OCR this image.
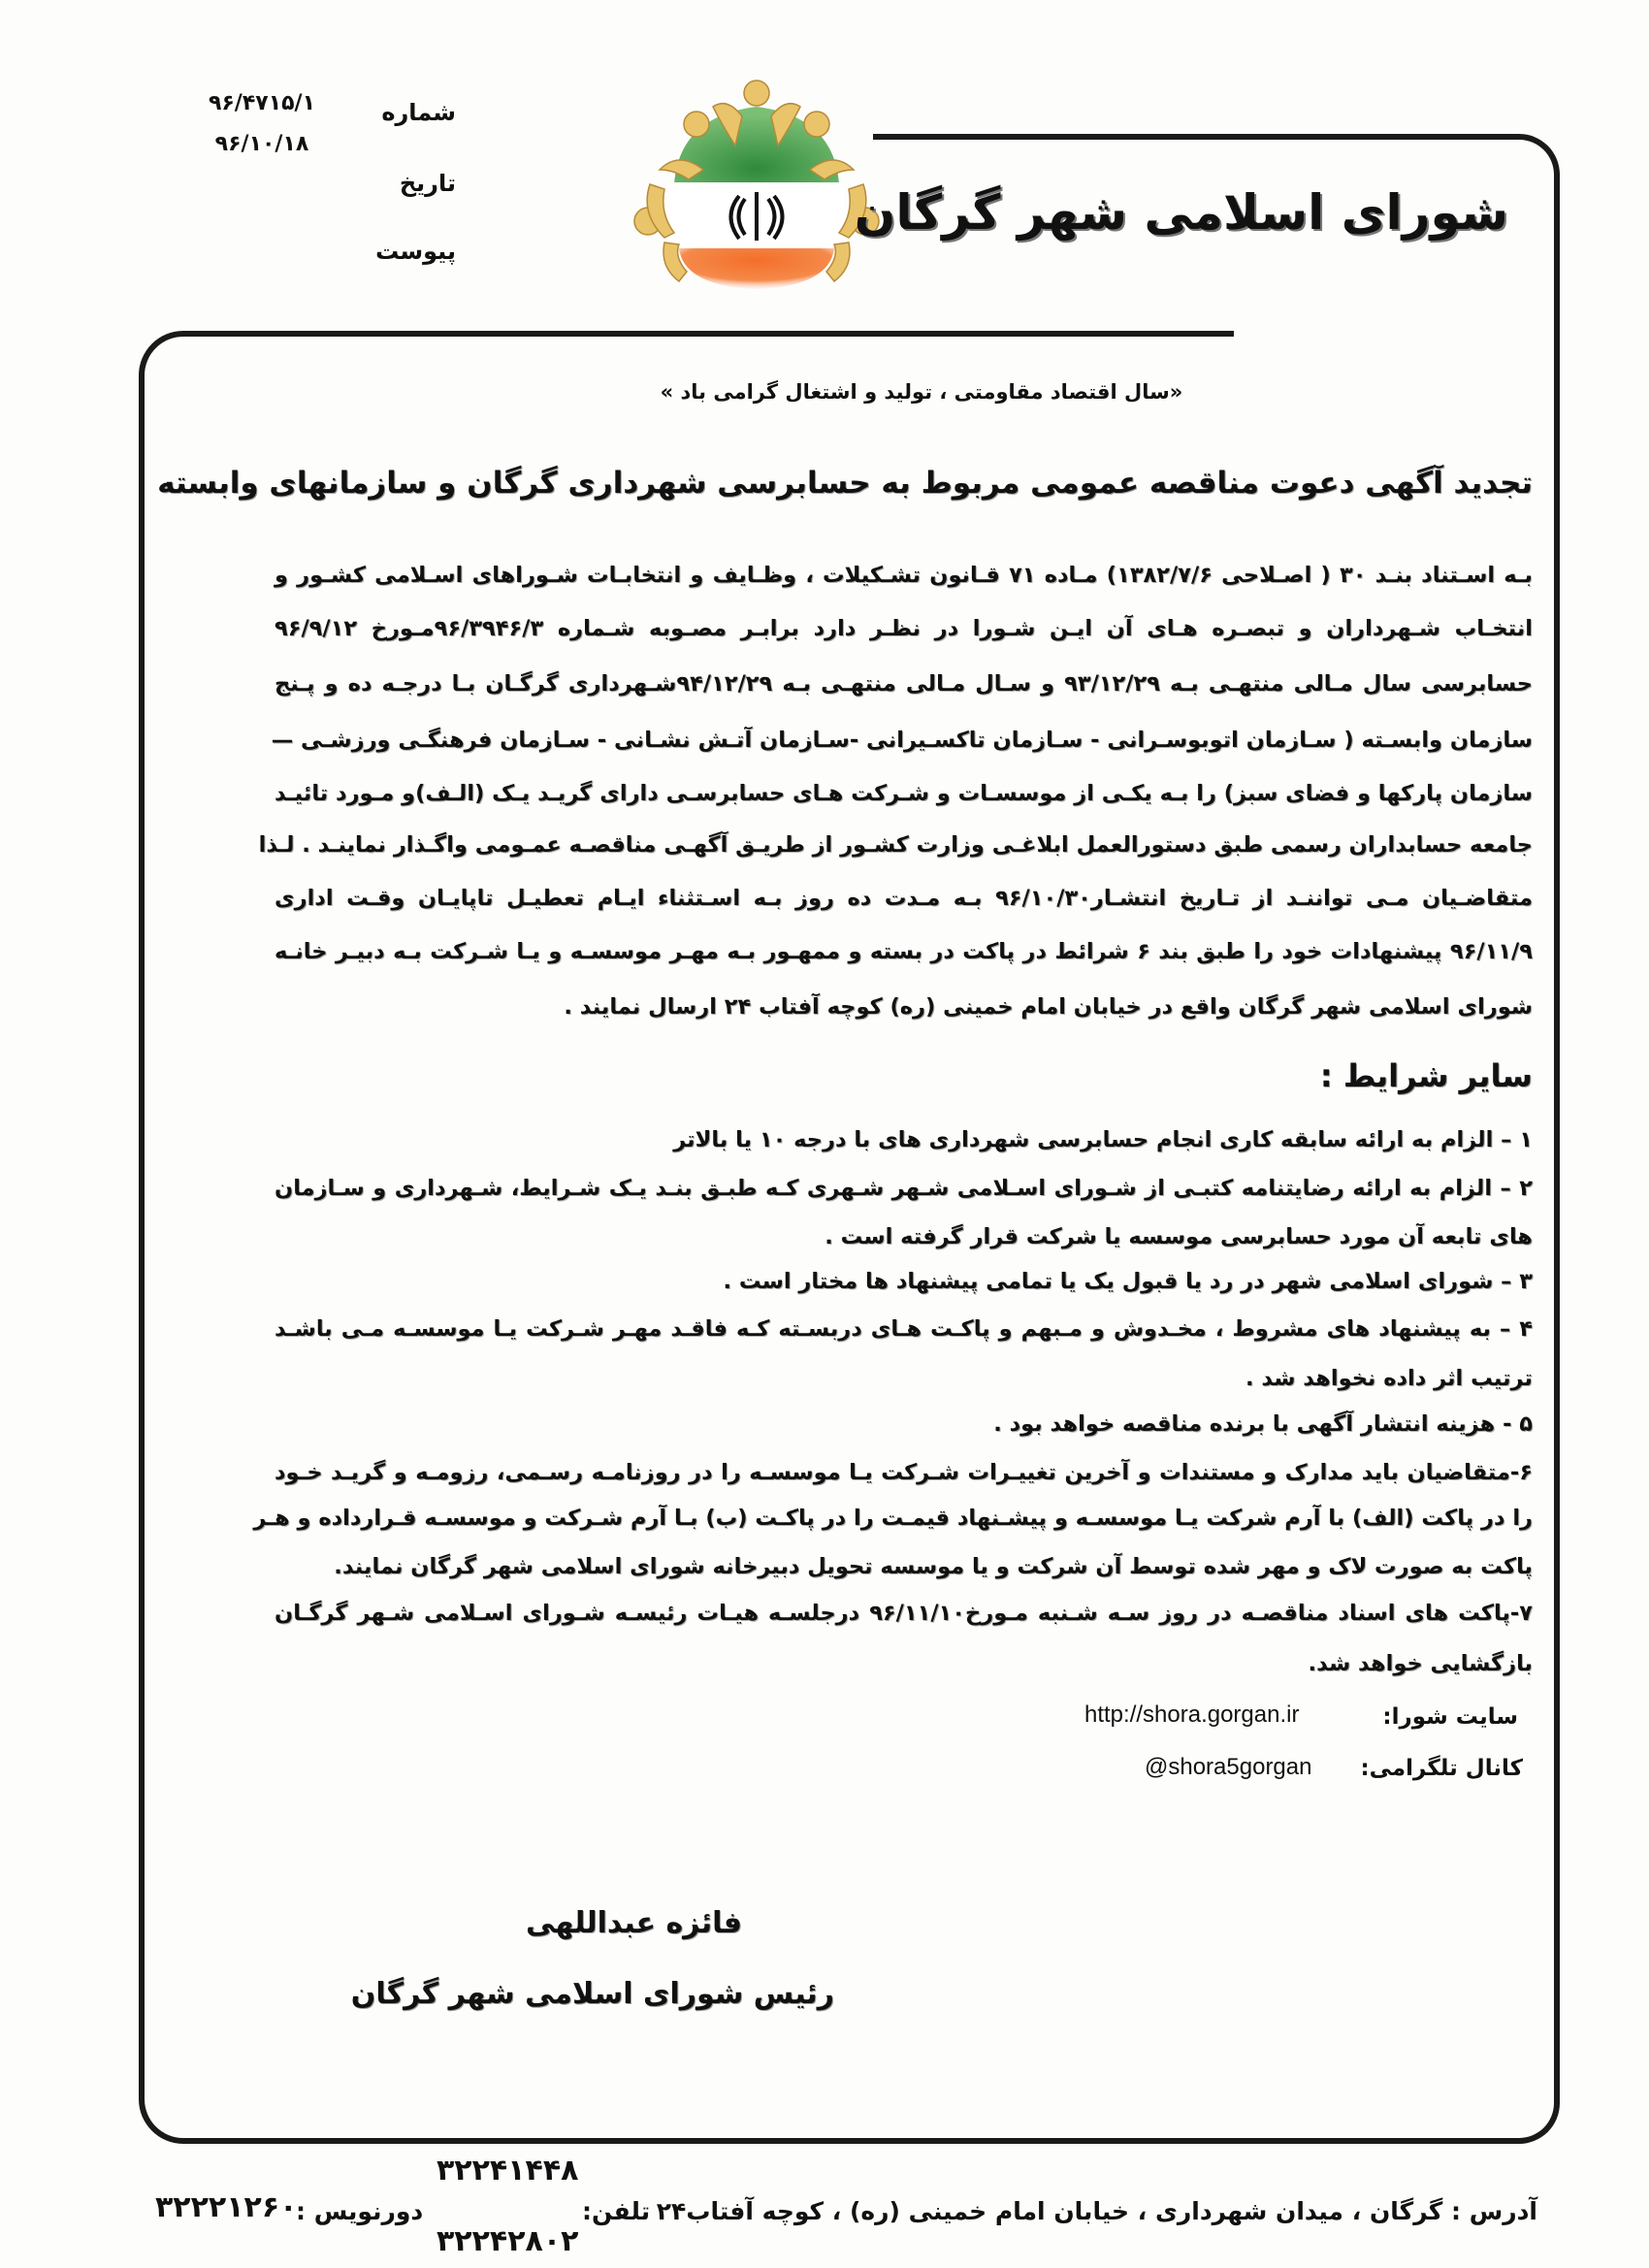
شماره
تاریخ
پیوست
۹۶/۴۷۱۵/۱
۹۶/۱۰/۱۸
شورای اسلامی شهر گرگان
«سال اقتصاد مقاومتی ، تولید و اشتغال گرامی باد »
تجدید آگهی دعوت مناقصه عمومی مربوط به حسابرسی شهرداری گرگان و سازمانهای وابسته
بـه اسـتناد بنـد ۳۰ ( اصـلاحی ۱۳۸۲/۷/۶) مـاده ۷۱ قـانون تشـکیلات ، وظـایف و انتخابـات شـوراهای اسـلامی کشـور و
انتخـاب شـهرداران و تبصـره هـای آن ایـن شـورا در نظـر دارد برابـر مصـوبه شـماره ۹۶/۳۹۴۶/۳مـورخ ۹۶/۹/۱۲
حسابرسی سال مـالی منتهـی بـه ۹۳/۱۲/۲۹ و سـال مـالی منتهـی بـه ۹۴/۱۲/۲۹شـهرداری گرگـان بـا درجـه ده و پـنج
سازمان وابسـته ( سـازمان اتوبوسـرانی - سـازمان تاکسـیرانی -سـازمان آتـش نشـانی - سـازمان فرهنگـی ورزشـی —
سازمان پارکها و فضای سبز) را بـه یکـی از موسسـات و شـرکت هـای حسابرسـی دارای گریـد یـک (الـف)و مـورد تائیـد
جامعه حسابداران رسمی طبق دستورالعمل ابلاغـی وزارت کشـور از طریـق آگهـی مناقصـه عمـومی واگـذار نماینـد . لـذا
متقاضـیان مـی تواننـد از تـاریخ انتشـار۹۶/۱۰/۳۰ بـه مـدت ده روز بـه اسـتثناء ایـام تعطیـل تاپایـان وقـت اداری
۹۶/۱۱/۹ پیشنهادات خود را طبق بند ۶ شرائط در پاکت در بسته و ممهـور بـه مهـر موسسـه و یـا شـرکت بـه دبیـر خانـه
شورای اسلامی شهر گرگان واقع در خیابان امام خمینی (ره) کوچه آفتاب ۲۴ ارسال نمایند .
سایر شرایط :
۱ – الزام به ارائه سابقه کاری انجام حسابرسی شهرداری های با درجه ۱۰ یا بالاتر
۲ – الزام به ارائه رضایتنامه کتبـی از شـورای اسـلامی شـهر شـهری کـه طبـق بنـد یـک شـرایط، شـهرداری و سـازمان
های تابعه آن مورد حسابرسی موسسه یا شرکت قرار گرفته است .
۳ – شورای اسلامی شهر در رد یا قبول یک یا تمامی پیشنهاد ها مختار است .
۴ – به پیشنهاد های مشروط ، مخـدوش و مـبهم و پاکـت هـای دربسـته کـه فاقـد مهـر شـرکت یـا موسسـه مـی باشـد
ترتیب اثر داده نخواهد شد .
۵ - هزینه انتشار آگهی با برنده مناقصه خواهد بود .
۶-متقاضیان باید مدارک و مستندات و آخرین تغییـرات شـرکت یـا موسسـه را در روزنامـه رسـمی، رزومـه و گریـد خـود
را در پاکت (الف) با آرم شرکت یـا موسسـه و پیشـنهاد قیمـت را در پاکـت (ب) بـا آرم شـرکت و موسسـه قـرارداده و هـر
پاکت به صورت لاک و مهر شده توسط آن شرکت و یا موسسه تحویل دبیرخانه شورای اسلامی شهر گرگان نمایند.
۷-پاکت های اسناد مناقصـه در روز سـه شـنبه مـورخ۹۶/۱۱/۱۰ درجلسـه هیـات رئیسـه شـورای اسـلامی شـهر گرگـان
بازگشایی خواهد شد.
سایت شورا:
http://shora.gorgan.ir
کانال تلگرامی:
@shora5gorgan
فائزه عبداللهی
رئیس شورای اسلامی شهر گرگان
آدرس : گرگان ، میدان شهرداری ، خیابان امام خمینی (ره) ، کوچه آفتاب۲۴
تلفن:
۳۲۲۴۱۴۴۸
۳۲۲۴۲۸۰۲
دورنویس :
۳۲۲۲۱۲۶۰
